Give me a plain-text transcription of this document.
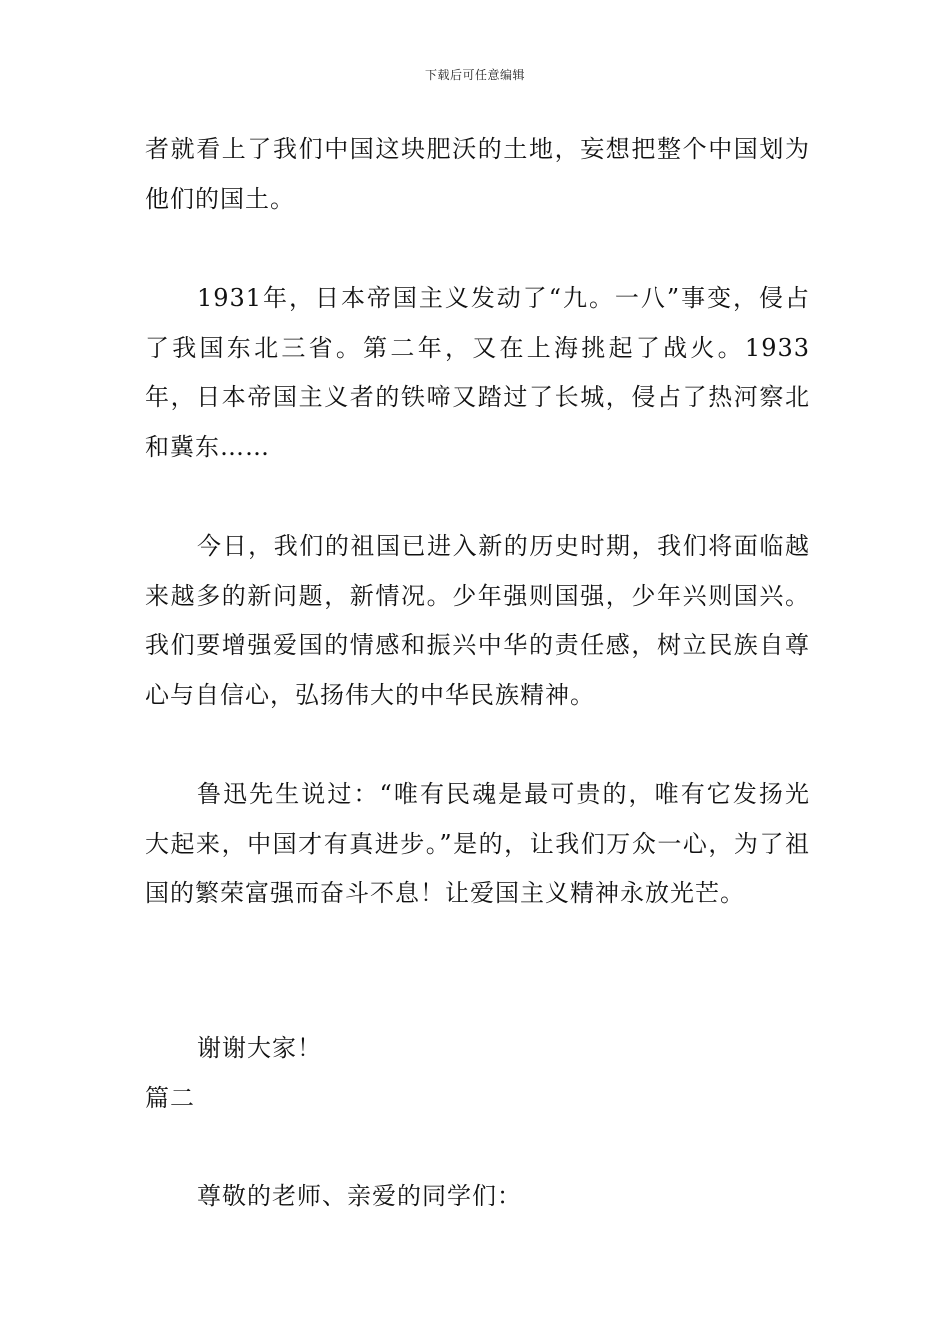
下载后可任意编辑

者就看上了我们中国这块肥沃的土地，妄想把整个中国划为他们的国土。

1931年，日本帝国主义发动了“九。一八”事变，侵占了我国东北三省。第二年，又在上海挑起了战火。1933年，日本帝国主义者的铁啼又踏过了长城，侵占了热河察北和冀东……

今日，我们的祖国已进入新的历史时期，我们将面临越来越多的新问题，新情况。少年强则国强，少年兴则国兴。我们要增强爱国的情感和振兴中华的责任感，树立民族自尊心与自信心，弘扬伟大的中华民族精神。

鲁迅先生说过：“唯有民魂是最可贵的，唯有它发扬光大起来，中国才有真进步。”是的，让我们万众一心，为了祖国的繁荣富强而奋斗不息！让爱国主义精神永放光芒。

谢谢大家！

篇二

尊敬的老师、亲爱的同学们：
